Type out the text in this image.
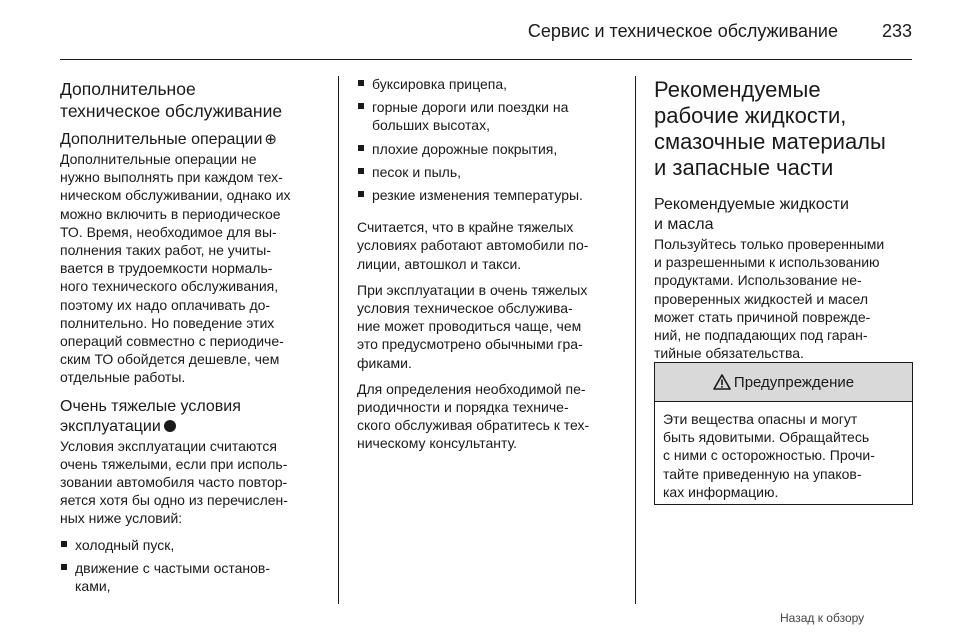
Сервис и техническое обслуживание 233
Дополнительное
техническое обслуживание
Дополнительные операции ⊕
Дополнительные операции не
нужно выполнять при каждом тех-
ническом обслуживании, однако их
можно включить в периодическое
ТО. Время, необходимое для вы-
полнения таких работ, не учиты-
вается в трудоемкости нормаль-
ного технического обслуживания,
поэтому их надо оплачивать до-
полнительно. Но поведение этих
операций совместно с периодиче-
ским ТО обойдется дешевле, чем
отдельные работы.
Очень тяжелые условия
эксплуатации
Условия эксплуатации считаются
очень тяжелыми, если при исполь-
зовании автомобиля часто повтор-
яется хотя бы одно из перечислен-
ных ниже условий:
холодный пуск,
движение с частыми останов-
ками,
буксировка прицепа,
горные дороги или поездки на
больших высотах,
плохие дорожные покрытия,
песок и пыль,
резкие изменения температуры.
Считается, что в крайне тяжелых
условиях работают автомобили по-
лиции, автошкол и такси.
При эксплуатации в очень тяжелых
условия техническое обслужива-
ние может проводиться чаще, чем
это предусмотрено обычными гра-
фиками.
Для определения необходимой пе-
риодичности и порядка техниче-
ского обслуживая обратитесь к тех-
ническому консультанту.
Рекомендуемые
рабочие жидкости,
смазочные материалы
и запасные части
Рекомендуемые жидкости
и масла
Пользуйтесь только проверенными
и разрешенными к использованию
продуктами. Использование не-
проверенных жидкостей и масел
может стать причиной поврежде-
ний, не подпадающих под гаран-
тийные обязательства.
Предупреждение
Эти вещества опасны и могут
быть ядовитыми. Обращайтесь
с ними с осторожностью. Прочи-
тайте приведенную на упаков-
ках информацию.
Назад к обзору
